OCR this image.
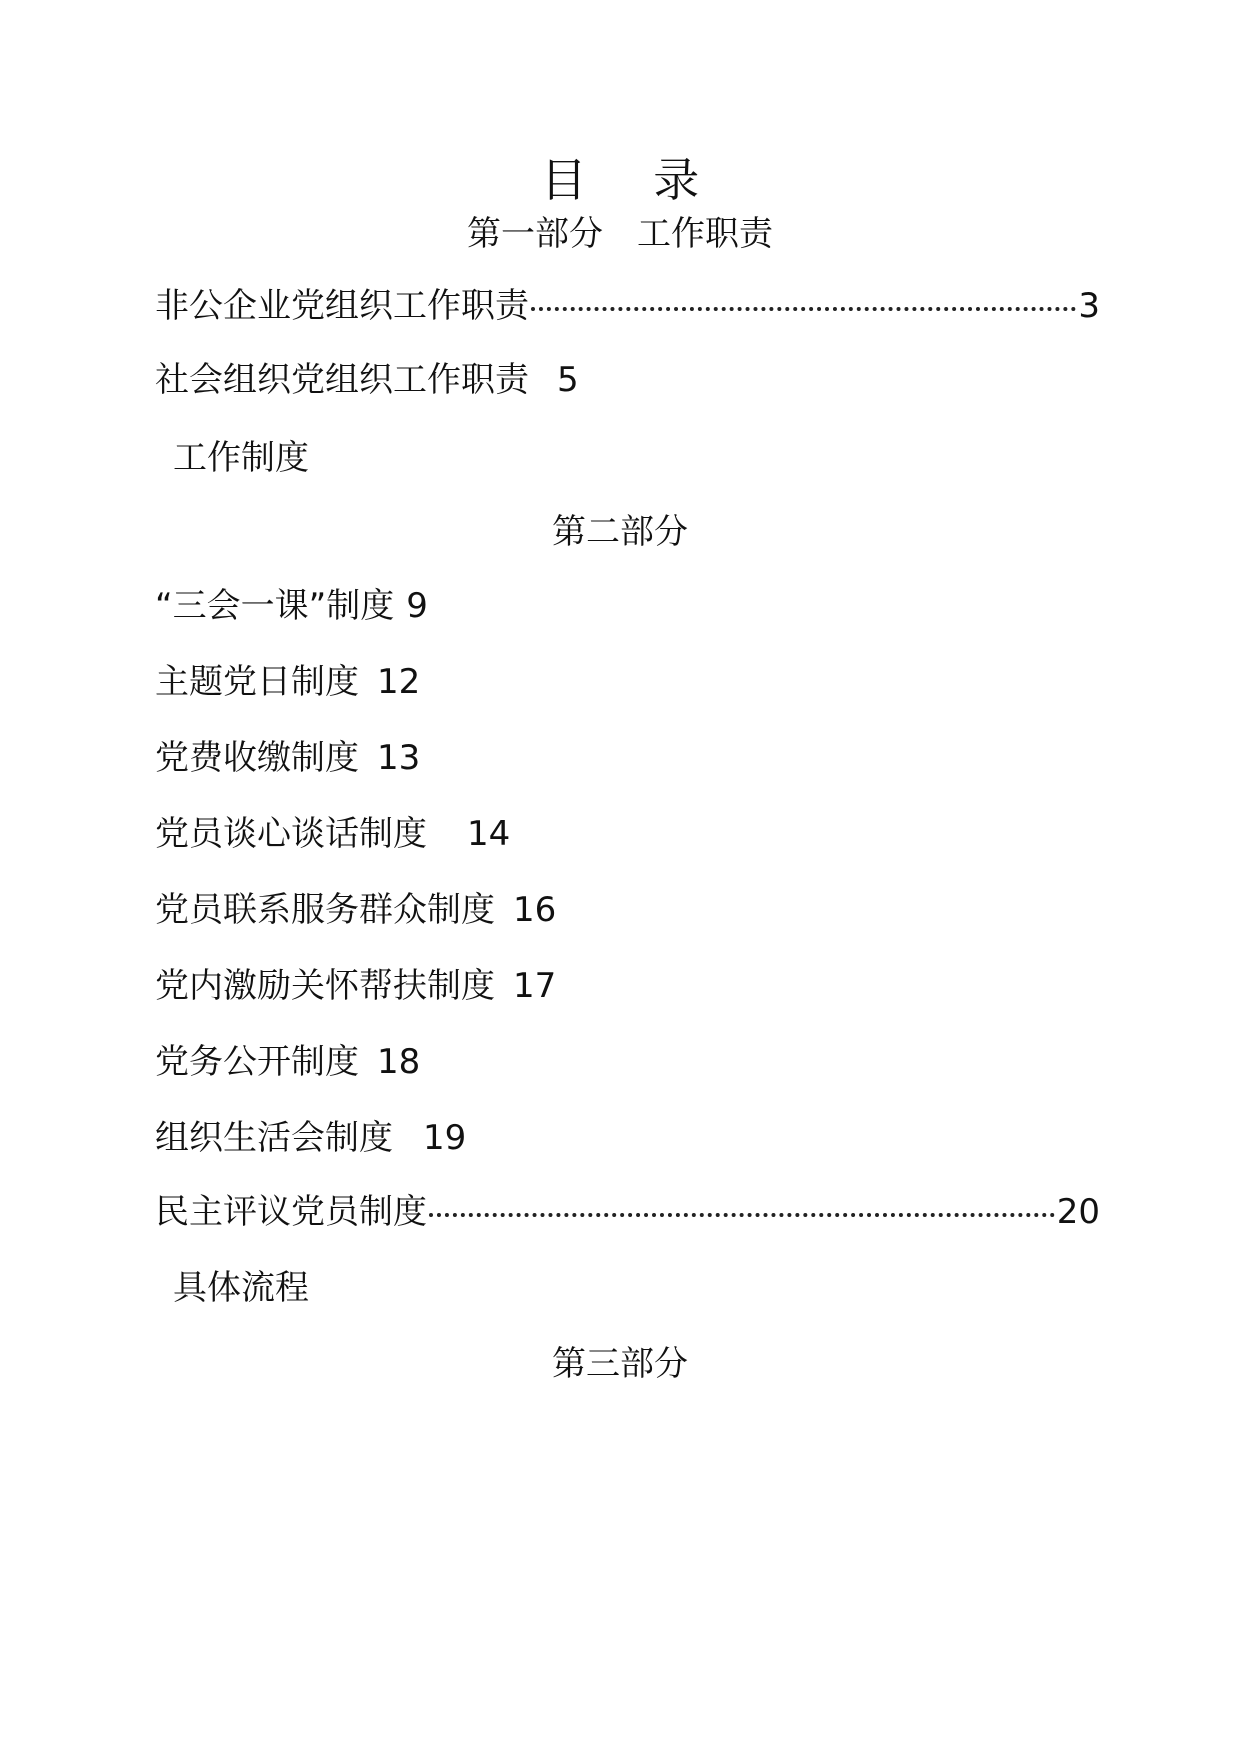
目 录
第一部分　工作职责
非公企业党组织工作职责	3
社会组织党组织工作职责 5
工作制度
第二部分
“三会一课”制度 9
主题党日制度 12
党费收缴制度 13
党员谈心谈话制度 14
党员联系服务群众制度 16
党内激励关怀帮扶制度 17
党务公开制度 18
组织生活会制度 19
民主评议党员制度	20
具体流程
第三部分
